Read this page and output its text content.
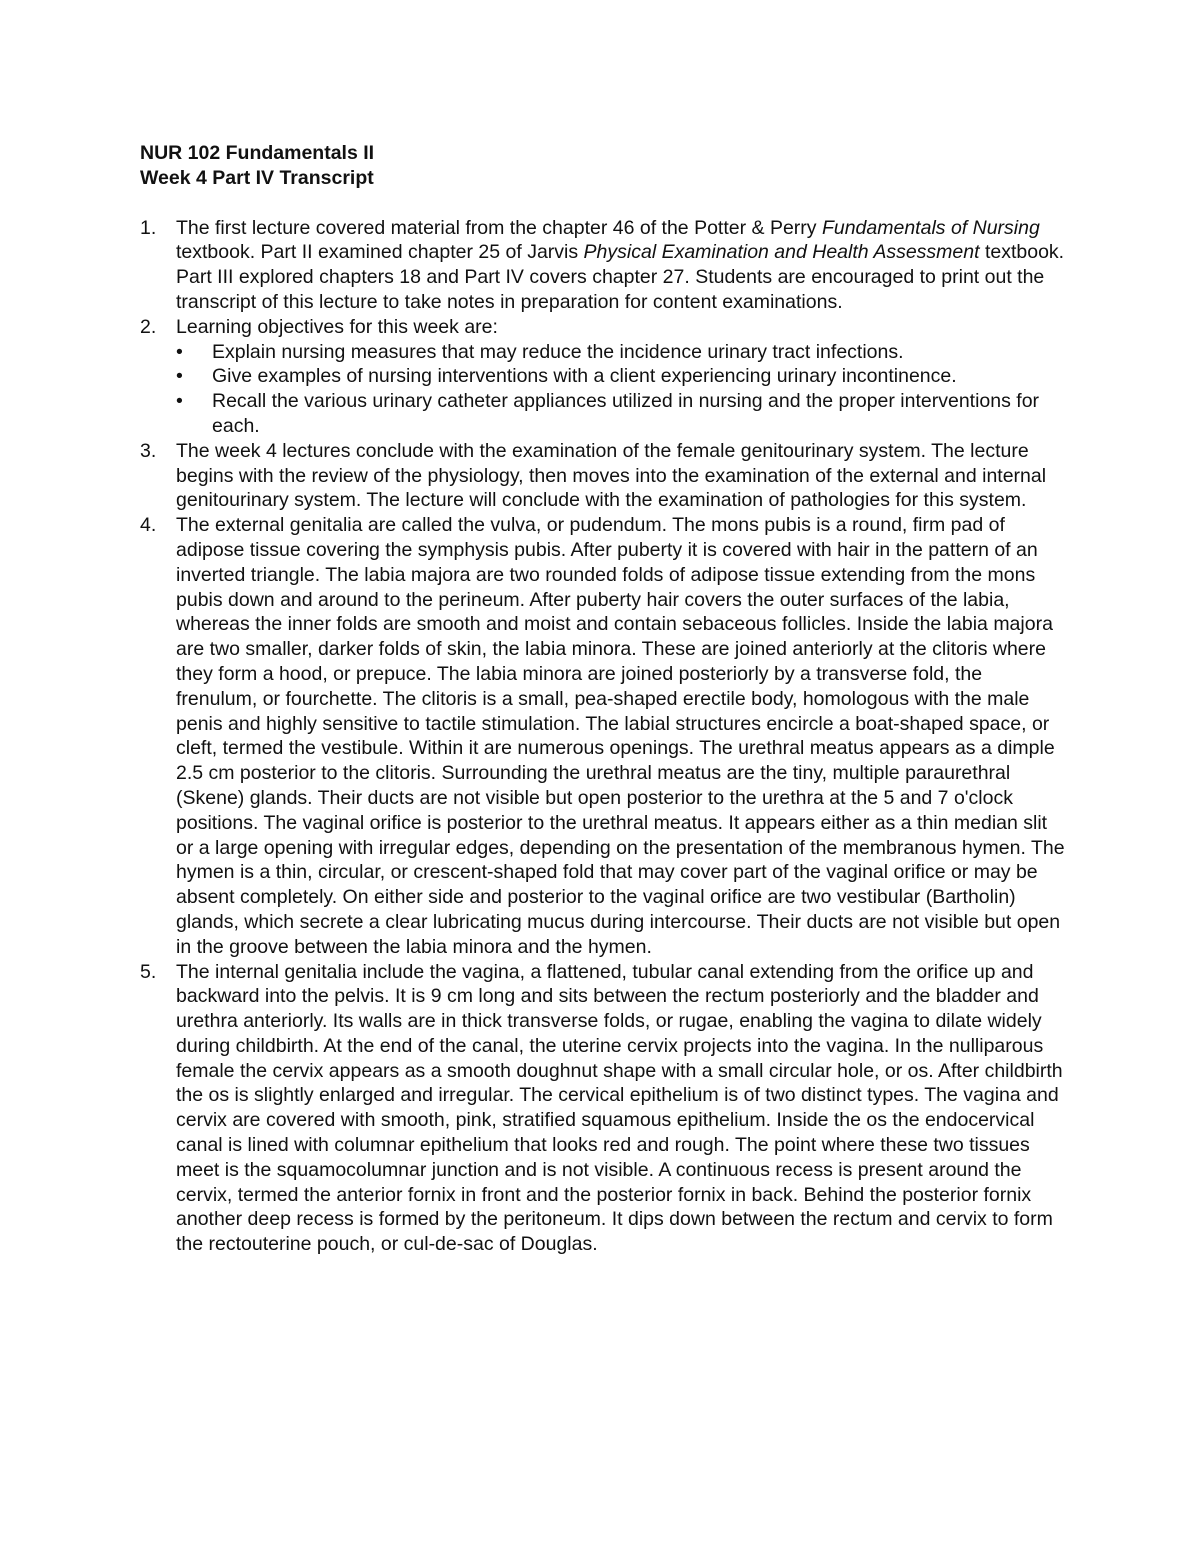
NUR 102 Fundamentals II

Week 4 Part IV Transcript

1. The first lecture covered material from the chapter 46 of the Potter & Perry Fundamentals of Nursing textbook. Part II examined chapter 25 of Jarvis Physical Examination and Health Assessment textbook. Part III explored chapters 18 and Part IV covers chapter 27. Students are encouraged to print out the transcript of this lecture to take notes in preparation for content examinations.
2. Learning objectives for this week are:
• Explain nursing measures that may reduce the incidence urinary tract infections.
• Give examples of nursing interventions with a client experiencing urinary incontinence.
• Recall the various urinary catheter appliances utilized in nursing and the proper interventions for each.
3. The week 4 lectures conclude with the examination of the female genitourinary system. The lecture begins with the review of the physiology, then moves into the examination of the external and internal genitourinary system. The lecture will conclude with the examination of pathologies for this system.
4. The external genitalia are called the vulva, or pudendum. The mons pubis is a round, firm pad of adipose tissue covering the symphysis pubis. After puberty it is covered with hair in the pattern of an inverted triangle. The labia majora are two rounded folds of adipose tissue extending from the mons pubis down and around to the perineum. After puberty hair covers the outer surfaces of the labia, whereas the inner folds are smooth and moist and contain sebaceous follicles. Inside the labia majora are two smaller, darker folds of skin, the labia minora. These are joined anteriorly at the clitoris where they form a hood, or prepuce. The labia minora are joined posteriorly by a transverse fold, the frenulum, or fourchette. The clitoris is a small, pea-shaped erectile body, homologous with the male penis and highly sensitive to tactile stimulation. The labial structures encircle a boat-shaped space, or cleft, termed the vestibule. Within it are numerous openings. The urethral meatus appears as a dimple 2.5 cm posterior to the clitoris. Surrounding the urethral meatus are the tiny, multiple paraurethral (Skene) glands. Their ducts are not visible but open posterior to the urethra at the 5 and 7 o'clock positions. The vaginal orifice is posterior to the urethral meatus. It appears either as a thin median slit or a large opening with irregular edges, depending on the presentation of the membranous hymen. The hymen is a thin, circular, or crescent-shaped fold that may cover part of the vaginal orifice or may be absent completely. On either side and posterior to the vaginal orifice are two vestibular (Bartholin) glands, which secrete a clear lubricating mucus during intercourse. Their ducts are not visible but open in the groove between the labia minora and the hymen.
5. The internal genitalia include the vagina, a flattened, tubular canal extending from the orifice up and backward into the pelvis. It is 9 cm long and sits between the rectum posteriorly and the bladder and urethra anteriorly. Its walls are in thick transverse folds, or rugae, enabling the vagina to dilate widely during childbirth. At the end of the canal, the uterine cervix projects into the vagina. In the nulliparous female the cervix appears as a smooth doughnut shape with a small circular hole, or os. After childbirth the os is slightly enlarged and irregular. The cervical epithelium is of two distinct types. The vagina and cervix are covered with smooth, pink, stratified squamous epithelium. Inside the os the endocervical canal is lined with columnar epithelium that looks red and rough. The point where these two tissues meet is the squamocolumnar junction and is not visible. A continuous recess is present around the cervix, termed the anterior fornix in front and the posterior fornix in back. Behind the posterior fornix another deep recess is formed by the peritoneum. It dips down between the rectum and cervix to form the rectouterine pouch, or cul-de-sac of Douglas.
